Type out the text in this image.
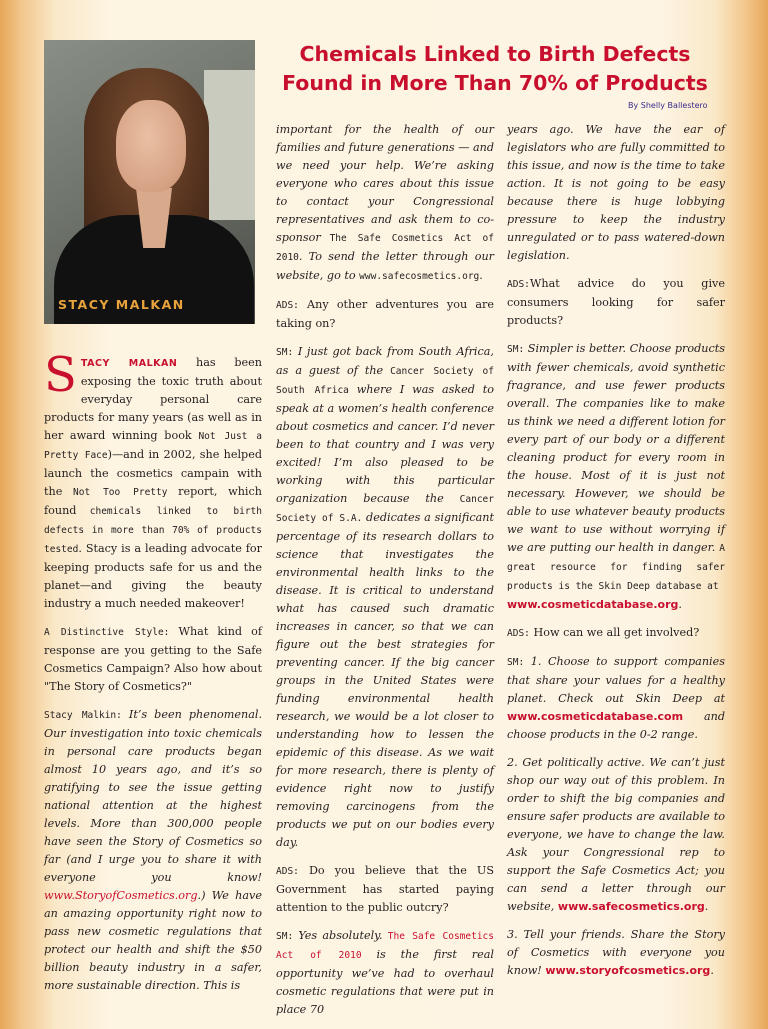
STACY MALKAN
Chemicals Linked to Birth Defects
Found in More Than 70% of Products
By Shelly Ballestero

STACY MALKAN has been exposing the toxic truth about everyday personal care products for many years (as well as in her award winning book Not Just a Pretty Face)—and in 2002, she helped launch the cosmetics campain with the Not Too Pretty report, which found chemicals linked to birth defects in more than 70% of products tested. Stacy is a leading advocate for keeping products safe for us and the planet—and giving the beauty industry a much needed makeover!

A Distinctive Style: What kind of response are you getting to the Safe Cosmetics Campaign? Also how about "The Story of Cosmetics?"

Stacy Malkin: It’s been phenomenal. Our investigation into toxic chemicals in personal care products began almost 10 years ago, and it’s so gratifying to see the issue getting national attention at the highest levels. More than 300,000 people have seen the Story of Cosmetics so far (and I urge you to share it with everyone you know! www.StoryofCosmetics.org.) We have an amazing opportunity right now to pass new cosmetic regulations that protect our health and shift the $50 billion beauty industry in a safer, more sustainable direction. This is

important for the health of our families and future generations — and we need your help. We’re asking everyone who cares about this issue to contact your Congressional representatives and ask them to co-sponsor The Safe Cosmetics Act of 2010. To send the letter through our website, go to www.safecosmetics.org.

ADS: Any other adventures you are taking on?

SM: I just got back from South Africa, as a guest of the Cancer Society of South Africa where I was asked to speak at a women’s health conference about cosmetics and cancer. I’d never been to that country and I was very excited! I’m also pleased to be working with this particular organization because the Cancer Society of S.A. dedicates a significant percentage of its research dollars to science that investigates the environmental health links to the disease. It is critical to understand what has caused such dramatic increases in cancer, so that we can figure out the best strategies for preventing cancer. If the big cancer groups in the United States were funding environmental health research, we would be a lot closer to understanding how to lessen the epidemic of this disease. As we wait for more research, there is plenty of evidence right now to justify removing carcinogens from the products we put on our bodies every day.

ADS: Do you believe that the US Government has started paying attention to the public outcry?

SM: Yes absolutely. The Safe Cosmetics Act of 2010 is the first real opportunity we’ve had to overhaul cosmetic regulations that were put in place 70

years ago. We have the ear of legislators who are fully committed to this issue, and now is the time to take action. It is not going to be easy because there is huge lobbying pressure to keep the industry unregulated or to pass watered-down legislation.

ADS:What advice do you give consumers looking for safer products?

SM: Simpler is better. Choose products with fewer chemicals, avoid synthetic fragrance, and use fewer products overall. The companies like to make us think we need a different lotion for every part of our body or a different cleaning product for every room in the house. Most of it is just not necessary. However, we should be able to use whatever beauty products we want to use without worrying if we are putting our health in danger. A great resource for finding safer products is the Skin Deep database at
www.cosmeticdatabase.org.

ADS: How can we all get involved?

SM: 1. Choose to support companies that share your values for a healthy planet. Check out Skin Deep at www.cosmeticdatabase.com and choose products in the 0-2 range.

2. Get politically active. We can’t just shop our way out of this problem. In order to shift the big companies and ensure safer products are available to everyone, we have to change the law. Ask your Congressional rep to support the Safe Cosmetics Act; you can send a letter through our website, www.safecosmetics.org.

3. Tell your friends. Share the Story of Cosmetics with everyone you know! www.storyofcosmetics.org.
